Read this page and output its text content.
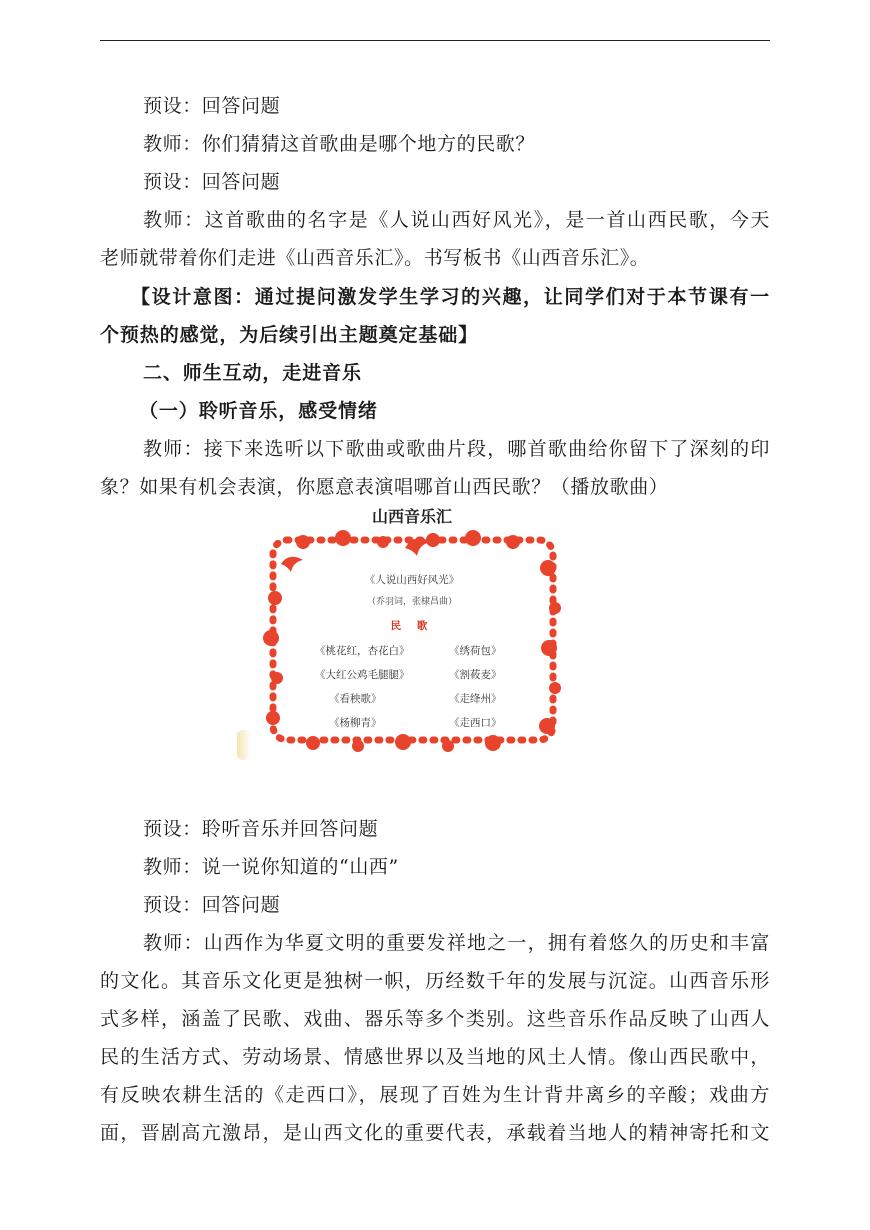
预设：回答问题
教师：你们猜猜这首歌曲是哪个地方的民歌？
预设：回答问题
教师：这首歌曲的名字是《人说山西好风光》，是一首山西民歌，今天
老师就带着你们走进《山西音乐汇》。书写板书《山西音乐汇》。
【设计意图：通过提问激发学生学习的兴趣，让同学们对于本节课有一
个预热的感觉，为后续引出主题奠定基础】
二、师生互动，走进音乐
（一）聆听音乐，感受情绪
教师：接下来选听以下歌曲或歌曲片段，哪首歌曲给你留下了深刻的印
象？如果有机会表演，你愿意表演唱哪首山西民歌？（播放歌曲）
山西音乐汇
《人说山西好风光》
（乔羽词，张棣昌曲）
民 歌
《桃花红，杏花白》
《大红公鸡毛腿腿》
《看秧歌》
《杨柳青》
《绣荷包》
《割莜麦》
《走绛州》
《走西口》
预设：聆听音乐并回答问题
教师：说一说你知道的“山西”
预设：回答问题
教师：山西作为华夏文明的重要发祥地之一，拥有着悠久的历史和丰富
的文化。其音乐文化更是独树一帜，历经数千年的发展与沉淀。山西音乐形
式多样，涵盖了民歌、戏曲、器乐等多个类别。这些音乐作品反映了山西人
民的生活方式、劳动场景、情感世界以及当地的风土人情。像山西民歌中，
有反映农耕生活的《走西口》，展现了百姓为生计背井离乡的辛酸；戏曲方
面，晋剧高亢激昂，是山西文化的重要代表，承载着当地人的精神寄托和文
